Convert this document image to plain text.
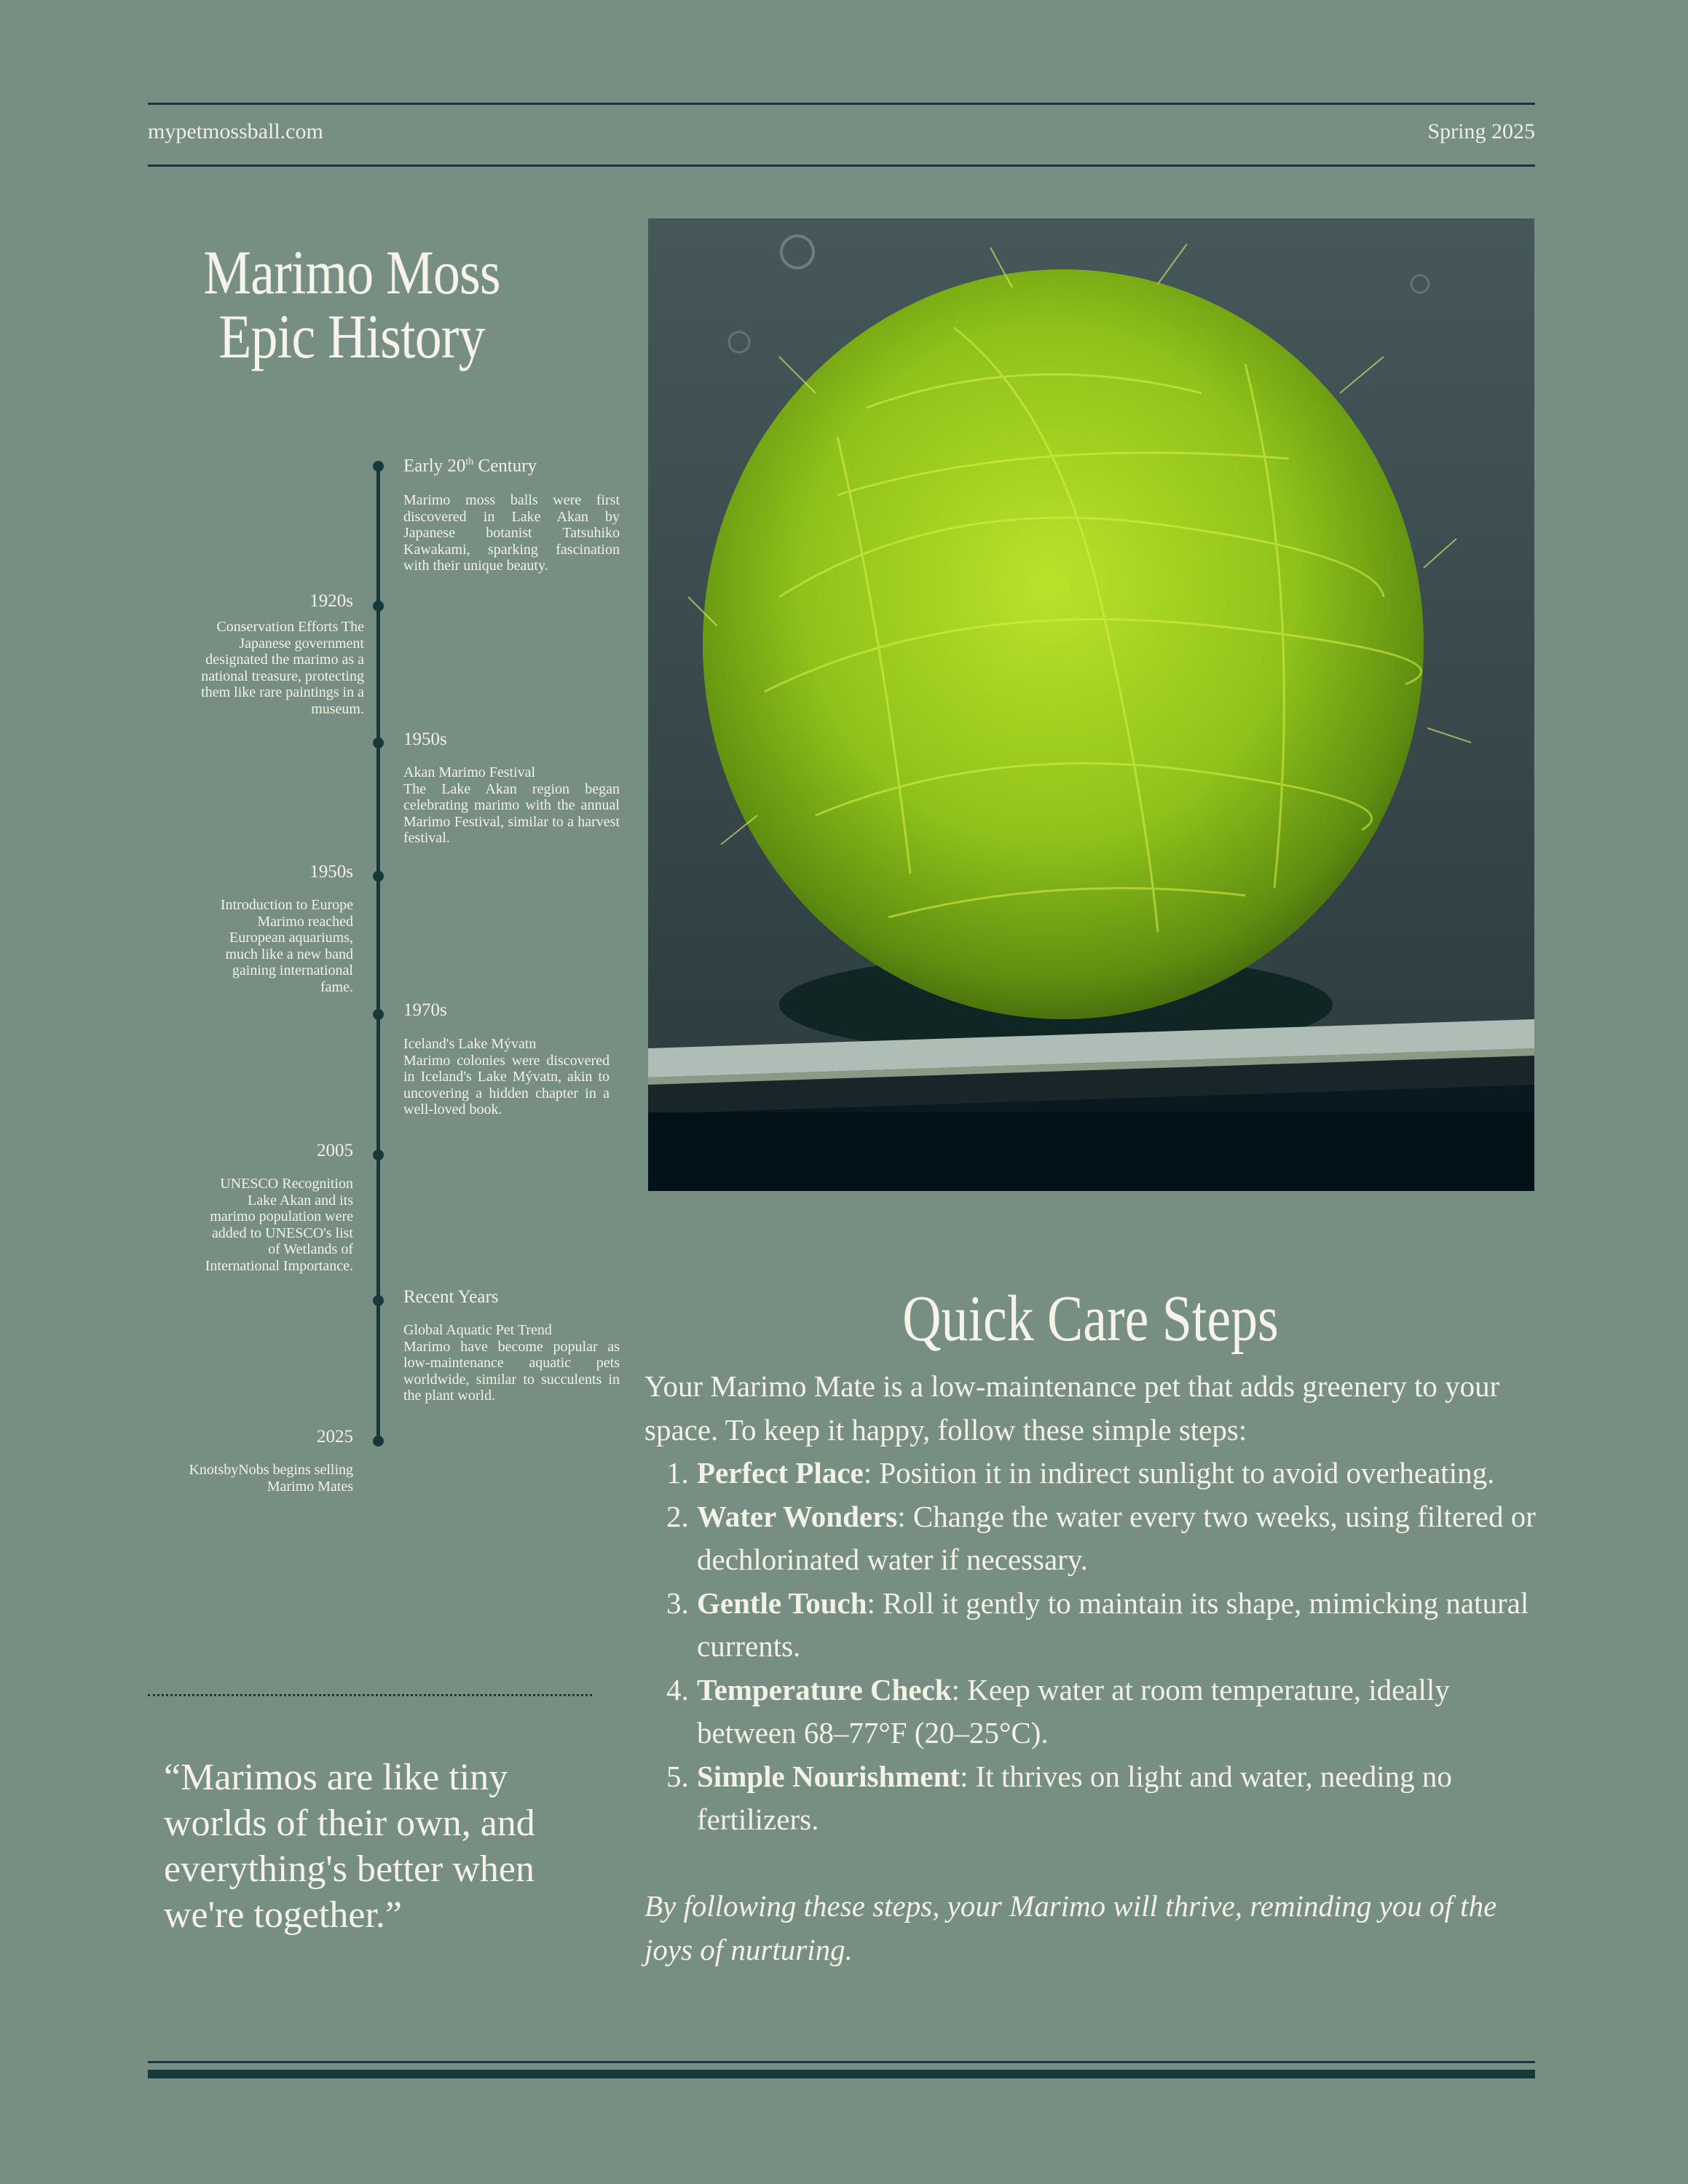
mypetmossball.com	Spring 2025
Marimo Moss
Epic History
Early 20th Century
Marimo moss balls were first discovered in Lake Akan by Japanese botanist Tatsuhiko Kawakami, sparking fascination with their unique beauty.
1920s
Conservation Efforts The Japanese government designated the marimo as a national treasure, protecting them like rare paintings in a museum.
1950s
Akan Marimo Festival
The Lake Akan region began celebrating marimo with the annual Marimo Festival, similar to a harvest festival.
1950s
Introduction to Europe Marimo reached European aquariums, much like a new band gaining international fame.
1970s
Iceland's Lake Mývatn
Marimo colonies were discovered in Iceland's Lake Mývatn, akin to uncovering a hidden chapter in a well-loved book.
2005
UNESCO Recognition Lake Akan and its marimo population were added to UNESCO's list of Wetlands of International Importance.
Recent Years
Global Aquatic Pet Trend
Marimo have become popular as low-maintenance aquatic pets worldwide, similar to succulents in the plant world.
2025
KnotsbyNobs begins selling Marimo Mates
“Marimos are like tiny worlds of their own, and everything's better when we're together.”
Quick Care Steps
Your Marimo Mate is a low-maintenance pet that adds greenery to your space. To keep it happy, follow these simple steps:
1. Perfect Place: Position it in indirect sunlight to avoid overheating.
2. Water Wonders: Change the water every two weeks, using filtered or dechlorinated water if necessary.
3. Gentle Touch: Roll it gently to maintain its shape, mimicking natural currents.
4. Temperature Check: Keep water at room temperature, ideally between 68–77°F (20–25°C).
5. Simple Nourishment: It thrives on light and water, needing no fertilizers.
By following these steps, your Marimo will thrive, reminding you of the joys of nurturing.
